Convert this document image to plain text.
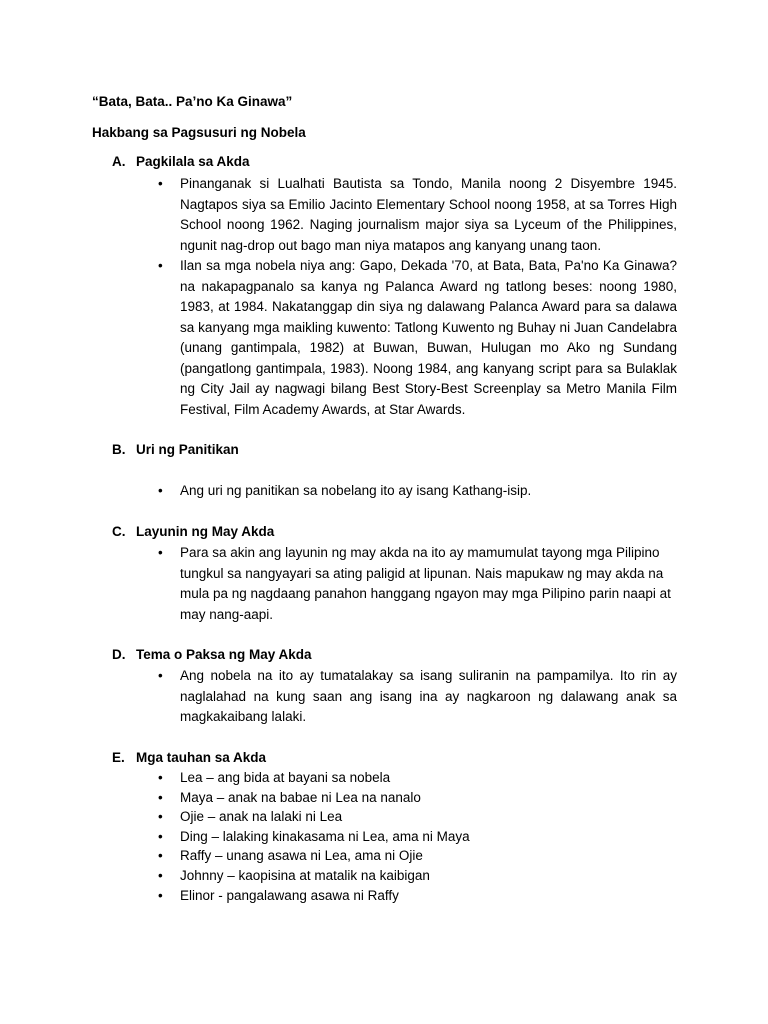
“Bata, Bata.. Pa’no Ka Ginawa”
Hakbang sa Pagsusuri ng Nobela
A. Pagkilala sa Akda
• Pinanganak si Lualhati Bautista sa Tondo, Manila noong 2 Disyembre 1945. Nagtapos siya sa Emilio Jacinto Elementary School noong 1958, at sa Torres High School noong 1962. Naging journalism major siya sa Lyceum of the Philippines, ngunit nag-drop out bago man niya matapos ang kanyang unang taon.
• Ilan sa mga nobela niya ang: Gapo, Dekada '70, at Bata, Bata, Pa'no Ka Ginawa? na nakapagpanalo sa kanya ng Palanca Award ng tatlong beses: noong 1980, 1983, at 1984. Nakatanggap din siya ng dalawang Palanca Award para sa dalawa sa kanyang mga maikling kuwento: Tatlong Kuwento ng Buhay ni Juan Candelabra (unang gantimpala, 1982) at Buwan, Buwan, Hulugan mo Ako ng Sundang (pangatlong gantimpala, 1983). Noong 1984, ang kanyang script para sa Bulaklak ng City Jail ay nagwagi bilang Best Story-Best Screenplay sa Metro Manila Film Festival, Film Academy Awards, at Star Awards.
B. Uri ng Panitikan
• Ang uri ng panitikan sa nobelang ito ay isang Kathang-isip.
C. Layunin ng May Akda
• Para sa akin ang layunin ng may akda na ito ay mamumulat tayong mga Pilipino tungkul sa nangyayari sa ating paligid at lipunan. Nais mapukaw ng may akda na mula pa ng nagdaang panahon hanggang ngayon may mga Pilipino parin naapi at may nang-aapi.
D. Tema o Paksa ng May Akda
• Ang nobela na ito ay tumatalakay sa isang suliranin na pampamilya. Ito rin ay naglalahad na kung saan ang isang ina ay nagkaroon ng dalawang anak sa magkakaibang lalaki.
E. Mga tauhan sa Akda
• Lea – ang bida at bayani sa nobela
• Maya – anak na babae ni Lea na nanalo
• Ojie – anak na lalaki ni Lea
• Ding – lalaking kinakasama ni Lea, ama ni Maya
• Raffy – unang asawa ni Lea, ama ni Ojie
• Johnny – kaopisina at matalik na kaibigan
• Elinor - pangalawang asawa ni Raffy
